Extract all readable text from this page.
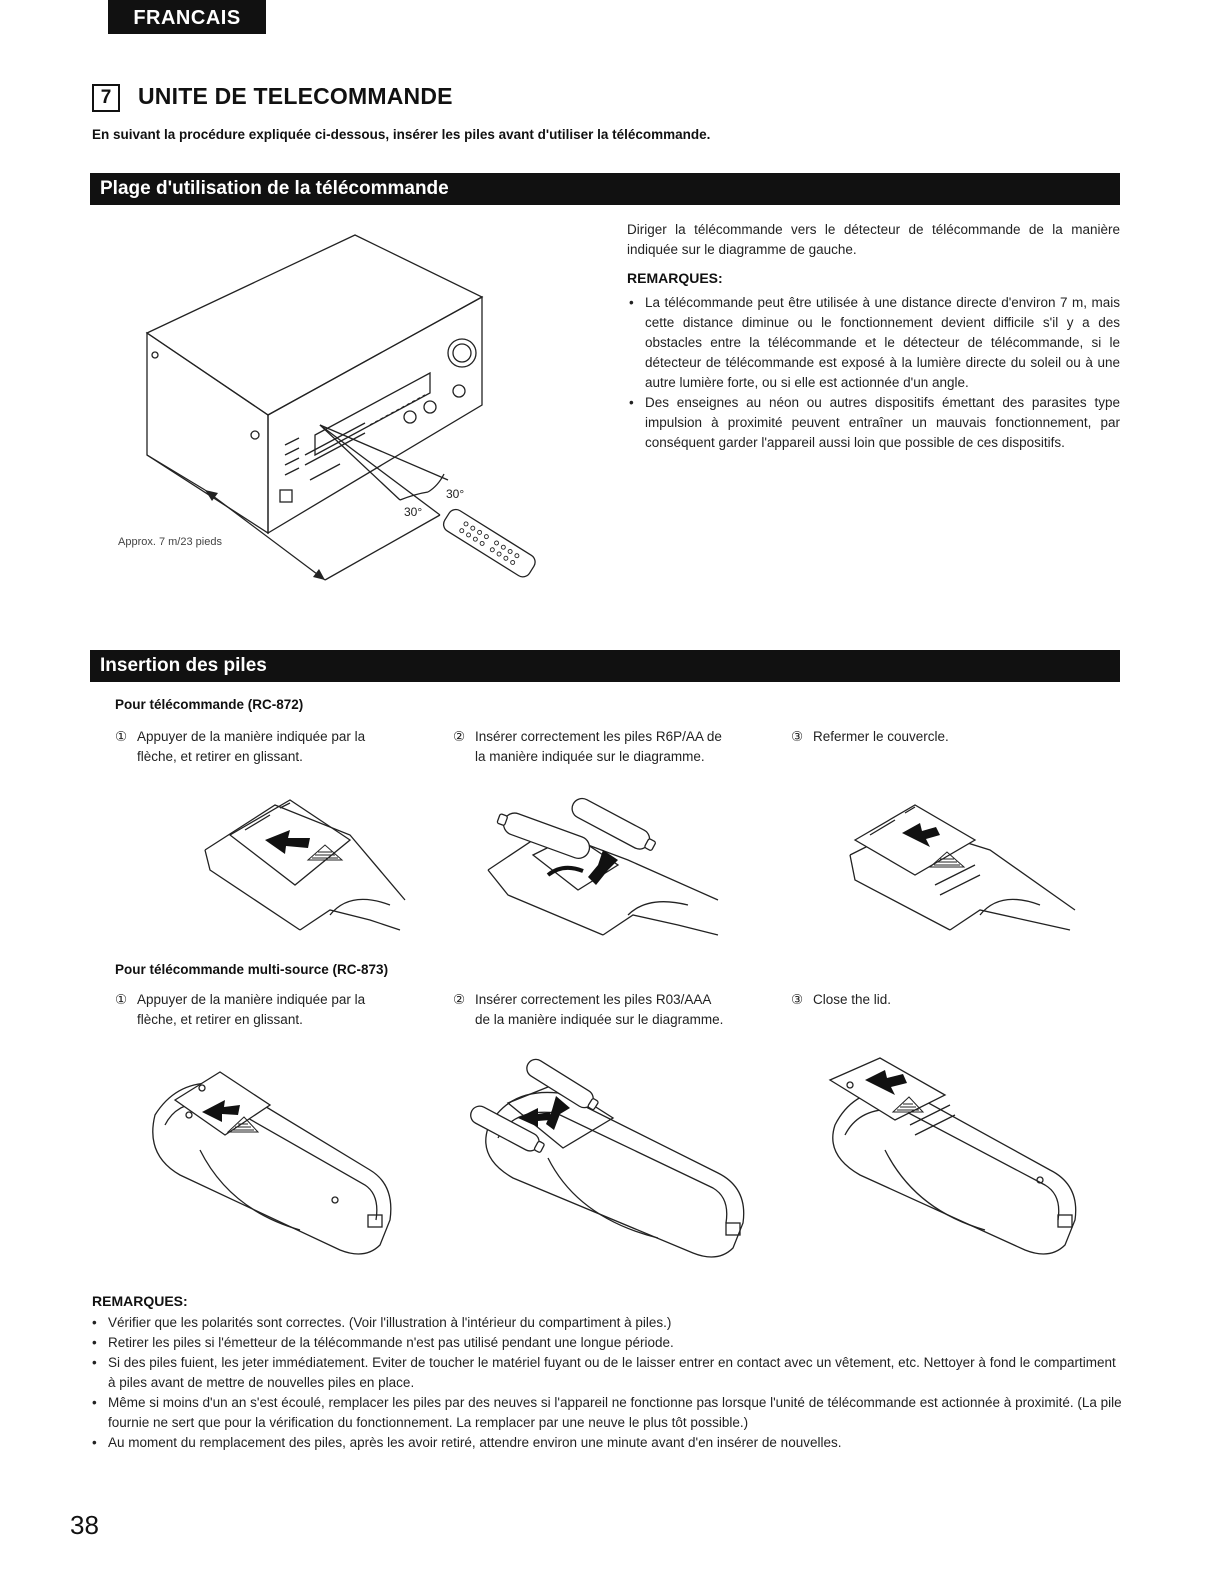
FRANCAIS
7	UNITE DE TELECOMMANDE
En suivant la procédure expliquée ci-dessous, insérer les piles avant d'utiliser la télécommande.
Plage d'utilisation de la télécommande
30°
30°
Approx. 7 m/23 pieds
Diriger la télécommande vers le détecteur de télécommande de la manière indiquée sur le diagramme de gauche.
REMARQUES:
• La télécommande peut être utilisée à une distance directe d'environ 7 m, mais cette distance diminue ou le fonctionnement devient difficile s'il y a des obstacles entre la télécommande et le détecteur de télécommande, si le détecteur de télécommande est exposé à la lumière directe du soleil ou à une autre lumière forte, ou si elle est actionnée d'un angle.
• Des enseignes au néon ou autres dispositifs émettant des parasites type impulsion à proximité peuvent entraîner un mauvais fonctionnement, par conséquent garder l'appareil aussi loin que possible de ces dispositifs.
Insertion des piles
Pour télécommande (RC-872)
① Appuyer de la manière indiquée par la
flèche, et retirer en glissant.
② Insérer correctement les piles R6P/AA de
la manière indiquée sur le diagramme.
③ Refermer le couvercle.
Pour télécommande multi-source (RC-873)
① Appuyer de la manière indiquée par la
flèche, et retirer en glissant.
② Insérer correctement les piles R03/AAA
de la manière indiquée sur le diagramme.
③ Close the lid.
REMARQUES:
• Vérifier que les polarités sont correctes. (Voir l'illustration à l'intérieur du compartiment à piles.)
• Retirer les piles si l'émetteur de la télécommande n'est pas utilisé pendant une longue période.
• Si des piles fuient, les jeter immédiatement. Eviter de toucher le matériel fuyant ou de le laisser entrer en contact avec un vêtement, etc. Nettoyer à fond le compartiment à piles avant de mettre de nouvelles piles en place.
• Même si moins d'un an s'est écoulé, remplacer les piles par des neuves si l'appareil ne fonctionne pas lorsque l'unité de télécommande est actionnée à proximité. (La pile fournie ne sert que pour la vérification du fonctionnement. La remplacer par une neuve le plus tôt possible.)
• Au moment du remplacement des piles, après les avoir retiré, attendre environ une minute avant d'en insérer de nouvelles.
38
